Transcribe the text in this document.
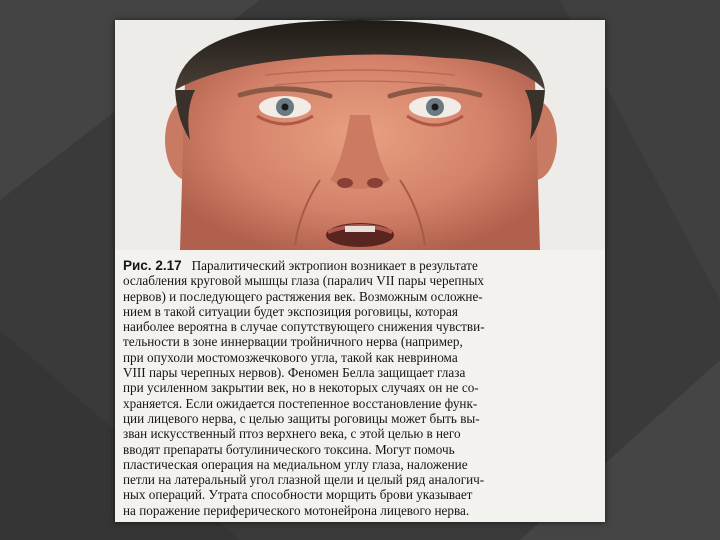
Рис. 2.17 Паралитический эктропион возникает в результате
ослабления круговой мышцы глаза (паралич VII пары черепных
нервов) и последующего растяжения век. Возможным осложне-
нием в такой ситуации будет экспозиция роговицы, которая
наиболее вероятна в случае сопутствующего снижения чувстви-
тельности в зоне иннервации тройничного нерва (например,
при опухоли мостомозжечкового угла, такой как невринома
VIII пары черепных нервов). Феномен Белла защищает глаза
при усиленном закрытии век, но в некоторых случаях он не со-
храняется. Если ожидается постепенное восстановление функ-
ции лицевого нерва, с целью защиты роговицы может быть вы-
зван искусственный птоз верхнего века, с этой целью в него
вводят препараты ботулинического токсина. Могут помочь
пластическая операция на медиальном углу глаза, наложение
петли на латеральный угол глазной щели и целый ряд аналогич-
ных операций. Утрата способности морщить брови указывает
на поражение периферического мотонейрона лицевого нерва.
